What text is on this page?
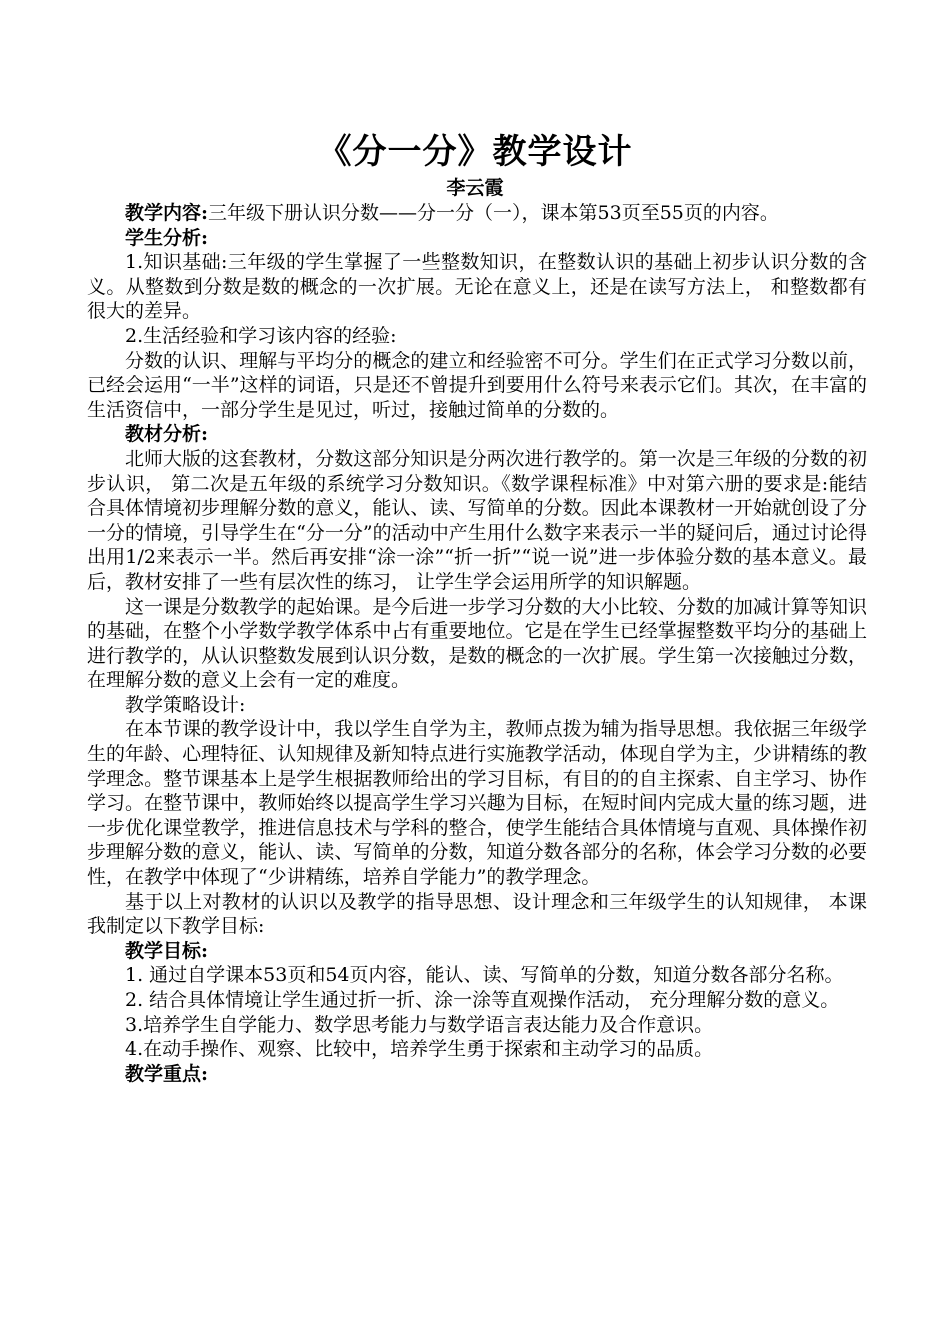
《分一分》教学设计
李云霞

教学内容:三年级下册认识分数——分一分（一），课本第53页至55页的内容。

学生分析:

1.知识基础:三年级的学生掌握了一些整数知识，在整数认识的基础上初步认识分数的含义。从整数到分数是数的概念的一次扩展。无论在意义上，还是在读写方法上， 和整数都有很大的差异。

2.生活经验和学习该内容的经验:

分数的认识、理解与平均分的概念的建立和经验密不可分。学生们在正式学习分数以前，已经会运用“一半”这样的词语，只是还不曾提升到要用什么符号来表示它们。其次，在丰富的生活资信中，一部分学生是见过，听过，接触过简单的分数的。

教材分析:

北师大版的这套教材，分数这部分知识是分两次进行教学的。第一次是三年级的分数的初步认识， 第二次是五年级的系统学习分数知识。《数学课程标准》中对第六册的要求是:能结合具体情境初步理解分数的意义，能认、读、写简单的分数。因此本课教材一开始就创设了分一分的情境，引导学生在“分一分”的活动中产生用什么数字来表示一半的疑问后，通过讨论得出用1/2来表示一半。然后再安排“涂一涂”“折一折”“说一说”进一步体验分数的基本意义。最后，教材安排了一些有层次性的练习， 让学生学会运用所学的知识解题。

这一课是分数教学的起始课。是今后进一步学习分数的大小比较、分数的加减计算等知识的基础，在整个小学数学教学体系中占有重要地位。它是在学生已经掌握整数平均分的基础上进行教学的，从认识整数发展到认识分数，是数的概念的一次扩展。学生第一次接触过分数，在理解分数的意义上会有一定的难度。

教学策略设计:

在本节课的教学设计中，我以学生自学为主，教师点拨为辅为指导思想。我依据三年级学生的年龄、心理特征、认知规律及新知特点进行实施教学活动，体现自学为主，少讲精练的教学理念。整节课基本上是学生根据教师给出的学习目标，有目的的自主探索、自主学习、协作学习。在整节课中，教师始终以提高学生学习兴趣为目标，在短时间内完成大量的练习题，进一步优化课堂教学，推进信息技术与学科的整合，使学生能结合具体情境与直观、具体操作初步理解分数的意义，能认、读、写简单的分数，知道分数各部分的名称，体会学习分数的必要性，在教学中体现了“少讲精练，培养自学能力”的教学理念。

基于以上对教材的认识以及教学的指导思想、设计理念和三年级学生的认知规律， 本课我制定以下教学目标:

教学目标:

1. 通过自学课本53页和54页内容，能认、读、写简单的分数，知道分数各部分名称。

2. 结合具体情境让学生通过折一折、涂一涂等直观操作活动， 充分理解分数的意义。

3.培养学生自学能力、数学思考能力与数学语言表达能力及合作意识。

4.在动手操作、观察、比较中，培养学生勇于探索和主动学习的品质。

教学重点:
